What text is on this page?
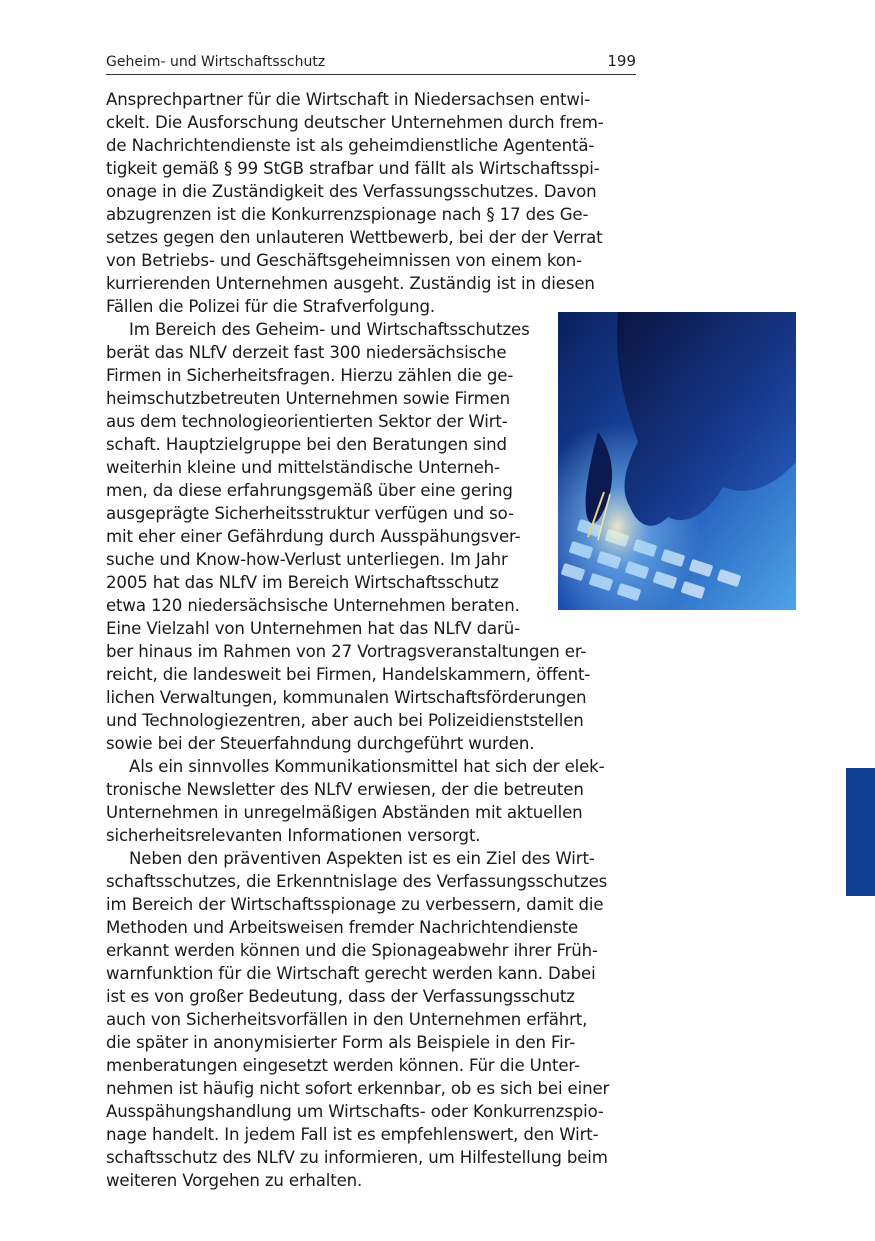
Geheim- und Wirtschaftsschutz	199
Ansprechpartner für die Wirtschaft in Niedersachsen entwi-
ckelt. Die Ausforschung deutscher Unternehmen durch frem-
de Nachrichtendienste ist als geheimdienstliche Agententä-
tigkeit gemäß § 99 StGB strafbar und fällt als Wirtschaftsspi-
onage in die Zuständigkeit des Verfassungsschutzes. Davon
abzugrenzen ist die Konkurrenzspionage nach § 17 des Ge-
setzes gegen den unlauteren Wettbewerb, bei der der Verrat
von Betriebs- und Geschäftsgeheimnissen von einem kon-
kurrierenden Unternehmen ausgeht. Zuständig ist in diesen
Fällen die Polizei für die Strafverfolgung.
Im Bereich des Geheim- und Wirtschaftsschutzes
berät das NLfV derzeit fast 300 niedersächsische
Firmen in Sicherheitsfragen. Hierzu zählen die ge-
heimschutzbetreuten Unternehmen sowie Firmen
aus dem technologieorientierten Sektor der Wirt-
schaft. Hauptzielgruppe bei den Beratungen sind
weiterhin kleine und mittelständische Unterneh-
men, da diese erfahrungsgemäß über eine gering
ausgeprägte Sicherheitsstruktur verfügen und so-
mit eher einer Gefährdung durch Ausspähungsver-
suche und Know-how-Verlust unterliegen. Im Jahr
2005 hat das NLfV im Bereich Wirtschaftsschutz
etwa 120 niedersächsische Unternehmen beraten.
Eine Vielzahl von Unternehmen hat das NLfV darü-
ber hinaus im Rahmen von 27 Vortragsveranstaltungen er-
reicht, die landesweit bei Firmen, Handelskammern, öffent-
lichen Verwaltungen, kommunalen Wirtschaftsförderungen
und Technologiezentren, aber auch bei Polizeidienststellen
sowie bei der Steuerfahndung durchgeführt wurden.
Als ein sinnvolles Kommunikationsmittel hat sich der elek-
tronische Newsletter des NLfV erwiesen, der die betreuten
Unternehmen in unregelmäßigen Abständen mit aktuellen
sicherheitsrelevanten Informationen versorgt.
Neben den präventiven Aspekten ist es ein Ziel des Wirt-
schaftsschutzes, die Erkenntnislage des Verfassungsschutzes
im Bereich der Wirtschaftsspionage zu verbessern, damit die
Methoden und Arbeitsweisen fremder Nachrichtendienste
erkannt werden können und die Spionageabwehr ihrer Früh-
warnfunktion für die Wirtschaft gerecht werden kann. Dabei
ist es von großer Bedeutung, dass der Verfassungsschutz
auch von Sicherheitsvorfällen in den Unternehmen erfährt,
die später in anonymisierter Form als Beispiele in den Fir-
menberatungen eingesetzt werden können. Für die Unter-
nehmen ist häufig nicht sofort erkennbar, ob es sich bei einer
Ausspähungshandlung um Wirtschafts- oder Konkurrenzspio-
nage handelt. In jedem Fall ist es empfehlenswert, den Wirt-
schaftsschutz des NLfV zu informieren, um Hilfestellung beim
weiteren Vorgehen zu erhalten.
